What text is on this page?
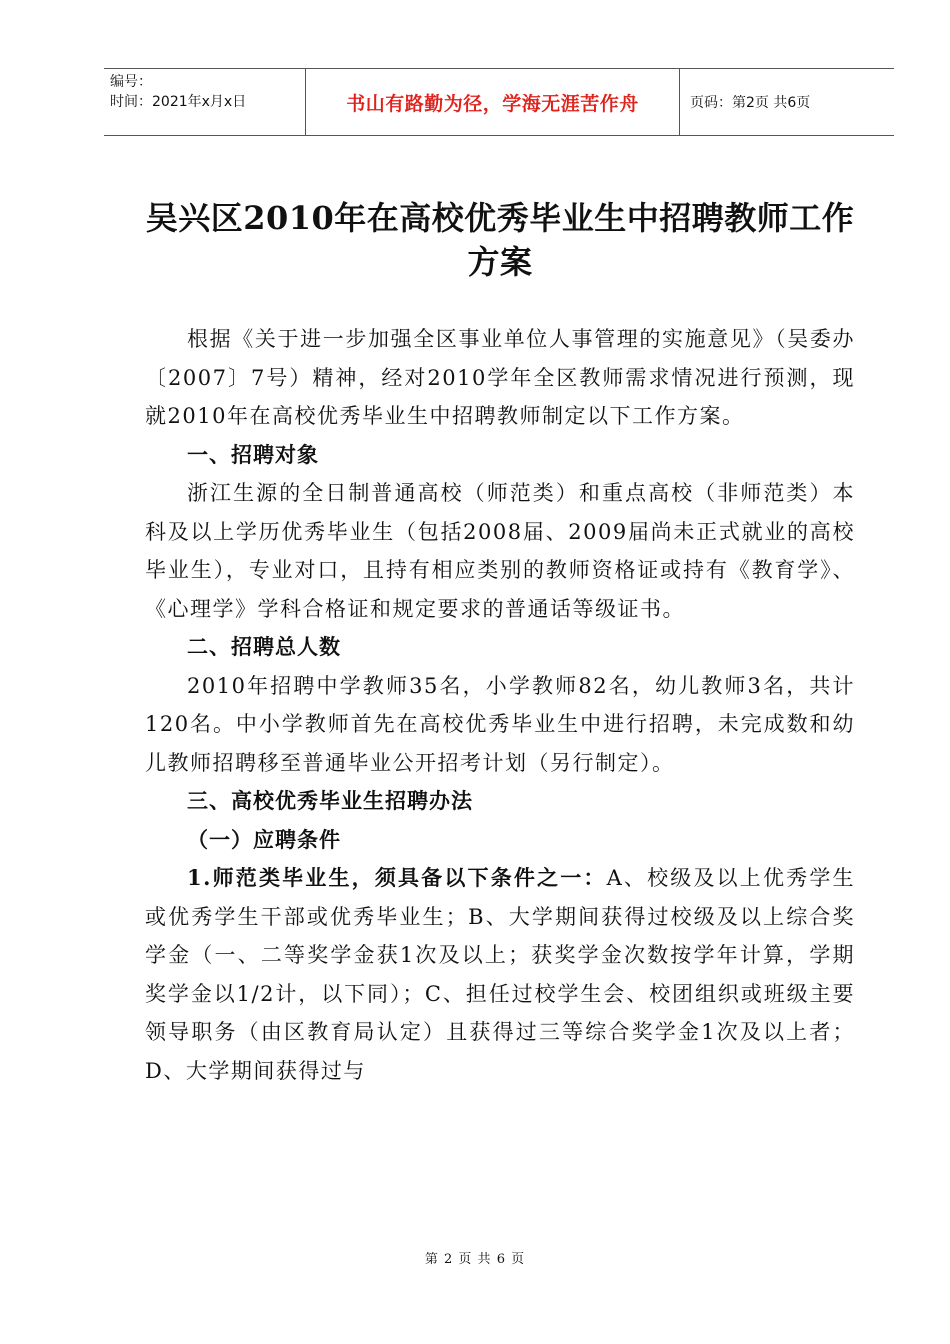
编号：
时间：2021年x月x日	书山有路勤为径，学海无涯苦作舟	页码：第2页 共6页
吴兴区2010年在高校优秀毕业生中招聘教师工作方案

根据《关于进一步加强全区事业单位人事管理的实施意见》（吴委办〔2007〕7号）精神，经对2010学年全区教师需求情况进行预测，现就2010年在高校优秀毕业生中招聘教师制定以下工作方案。

一、招聘对象

浙江生源的全日制普通高校（师范类）和重点高校（非师范类）本科及以上学历优秀毕业生（包括2008届、2009届尚未正式就业的高校毕业生），专业对口，且持有相应类别的教师资格证或持有《教育学》、《心理学》学科合格证和规定要求的普通话等级证书。

二、招聘总人数

2010年招聘中学教师35名，小学教师82名，幼儿教师3名，共计120名。中小学教师首先在高校优秀毕业生中进行招聘，未完成数和幼儿教师招聘移至普通毕业公开招考计划（另行制定）。

三、高校优秀毕业生招聘办法

（一）应聘条件

1.师范类毕业生，须具备以下条件之一：A、校级及以上优秀学生或优秀学生干部或优秀毕业生；B、大学期间获得过校级及以上综合奖学金（一、二等奖学金获1次及以上；获奖学金次数按学年计算，学期奖学金以1/2计，以下同）；C、担任过校学生会、校团组织或班级主要领导职务（由区教育局认定）且获得过三等综合奖学金1次及以上者；D、大学期间获得过与

第 2 页 共 6 页
